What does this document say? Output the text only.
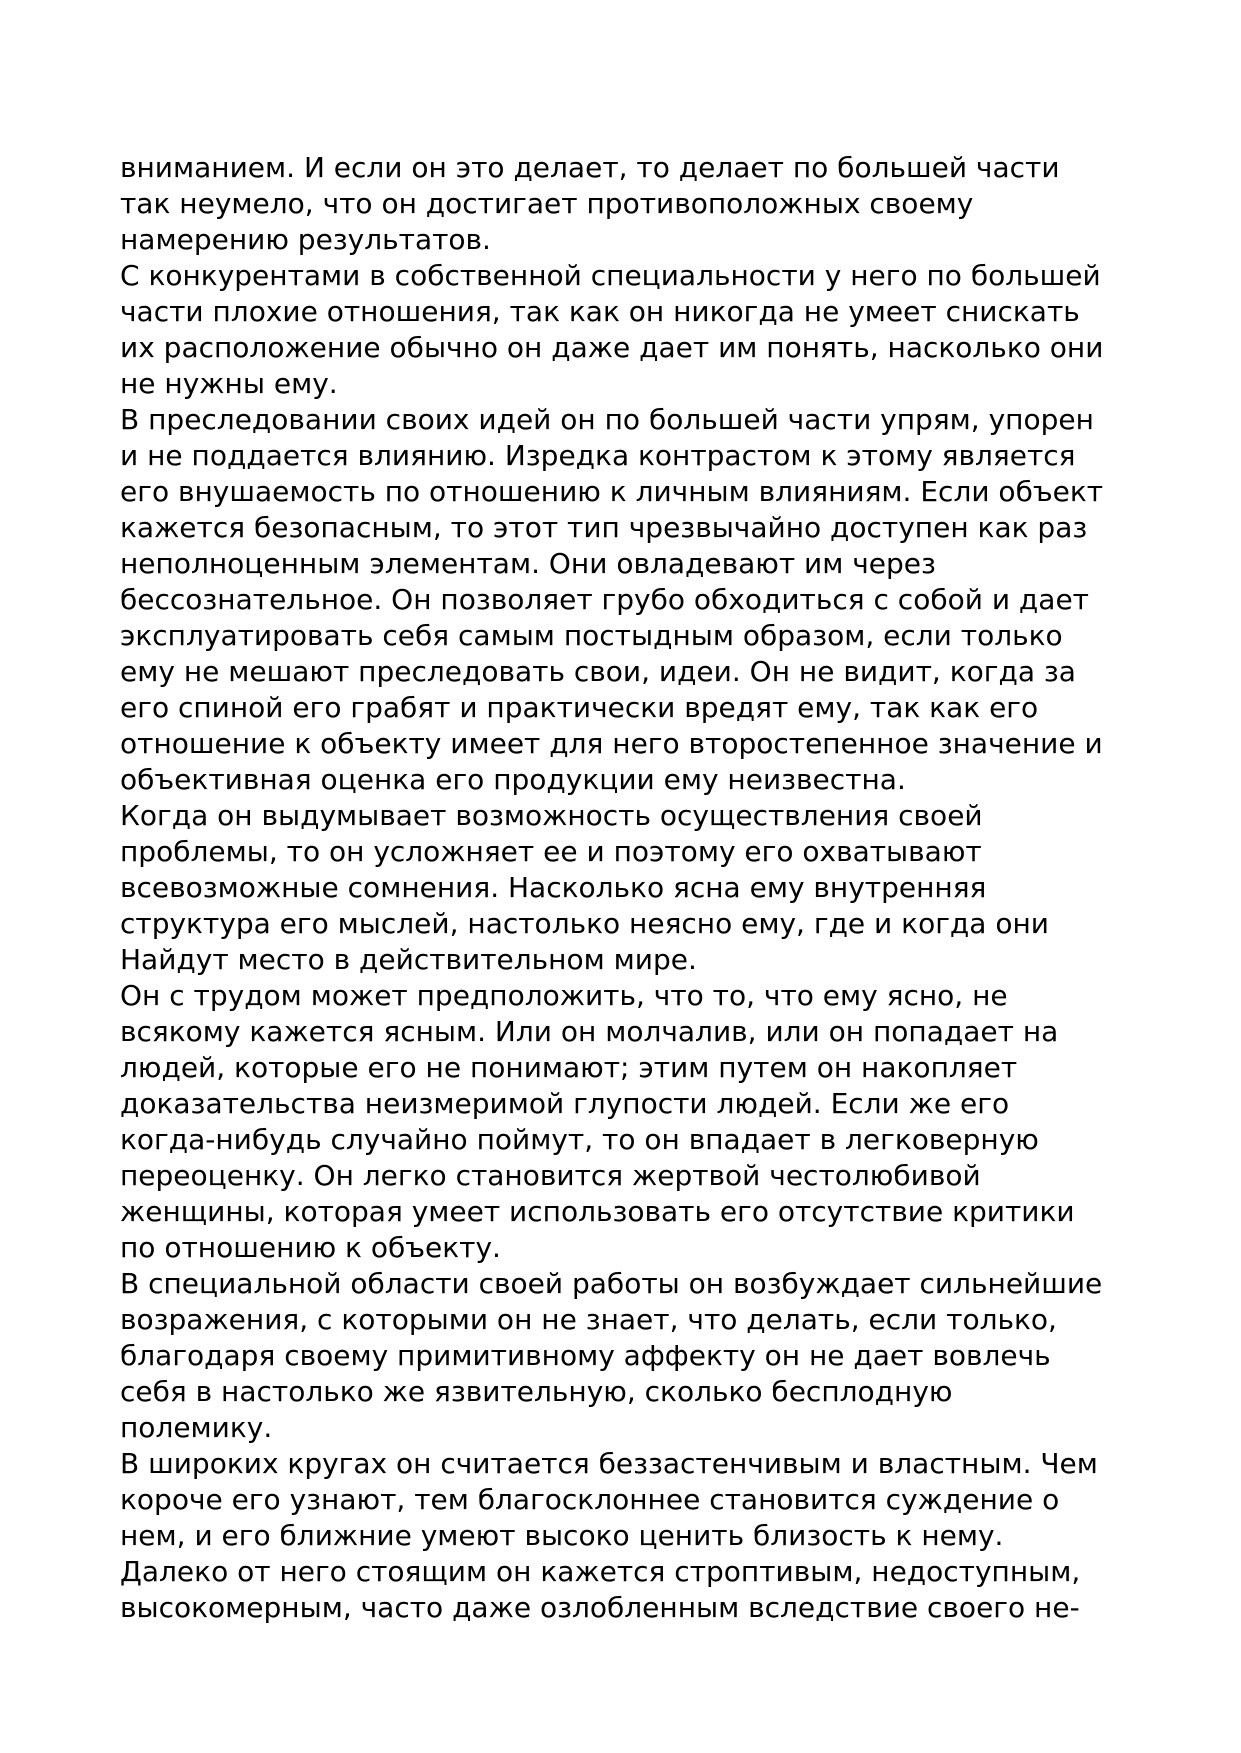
вниманием. И если он это делает, то делает по большей части
так неумело, что он достигает противоположных своему
намерению результатов.
С конкурентами в собственной специальности у него по большей
части плохие отношения, так как он никогда не умеет снискать
их расположение обычно он даже дает им понять, насколько они
не нужны ему.
В преследовании своих идей он по большей части упрям, упорен
и не поддается влиянию. Изредка контрастом к этому является
его внушаемость по отношению к личным влияниям. Если объект
кажется безопасным, то этот тип чрезвычайно доступен как раз
неполноценным элементам. Они овладевают им через
бессознательное. Он позволяет грубо обходиться с собой и дает
эксплуатировать себя самым постыдным образом, если только
ему не мешают преследовать свои, идеи. Он не видит, когда за
его спиной его грабят и практически вредят ему, так как его
отношение к объекту имеет для него второстепенное значение и
объективная оценка его продукции ему неизвестна.
Когда он выдумывает возможность осуществления своей
проблемы, то он усложняет ее и поэтому его охватывают
всевозможные сомнения. Насколько ясна ему внутренняя
структура его мыслей, настолько неясно ему, где и когда они
Найдут место в действительном мире.
Он с трудом может предположить, что то, что ему ясно, не
всякому кажется ясным. Или он молчалив, или он попадает на
людей, которые его не понимают; этим путем он накопляет
доказательства неизмеримой глупости людей. Если же его
когда-нибудь случайно поймут, то он впадает в легковерную
переоценку. Он легко становится жертвой честолюбивой
женщины, которая умеет использовать его отсутствие критики
по отношению к объекту.
В специальной области своей работы он возбуждает сильнейшие
возражения, с которыми он не знает, что делать, если только,
благодаря своему примитивному аффекту он не дает вовлечь
себя в настолько же язвительную, сколько бесплодную
полемику.
В широких кругах он считается беззастенчивым и властным. Чем
короче его узнают, тем благосклоннее становится суждение о
нем, и его ближние умеют высоко ценить близость к нему.
Далеко от него стоящим он кажется строптивым, недоступным,
высокомерным, часто даже озлобленным вследствие своего не-
